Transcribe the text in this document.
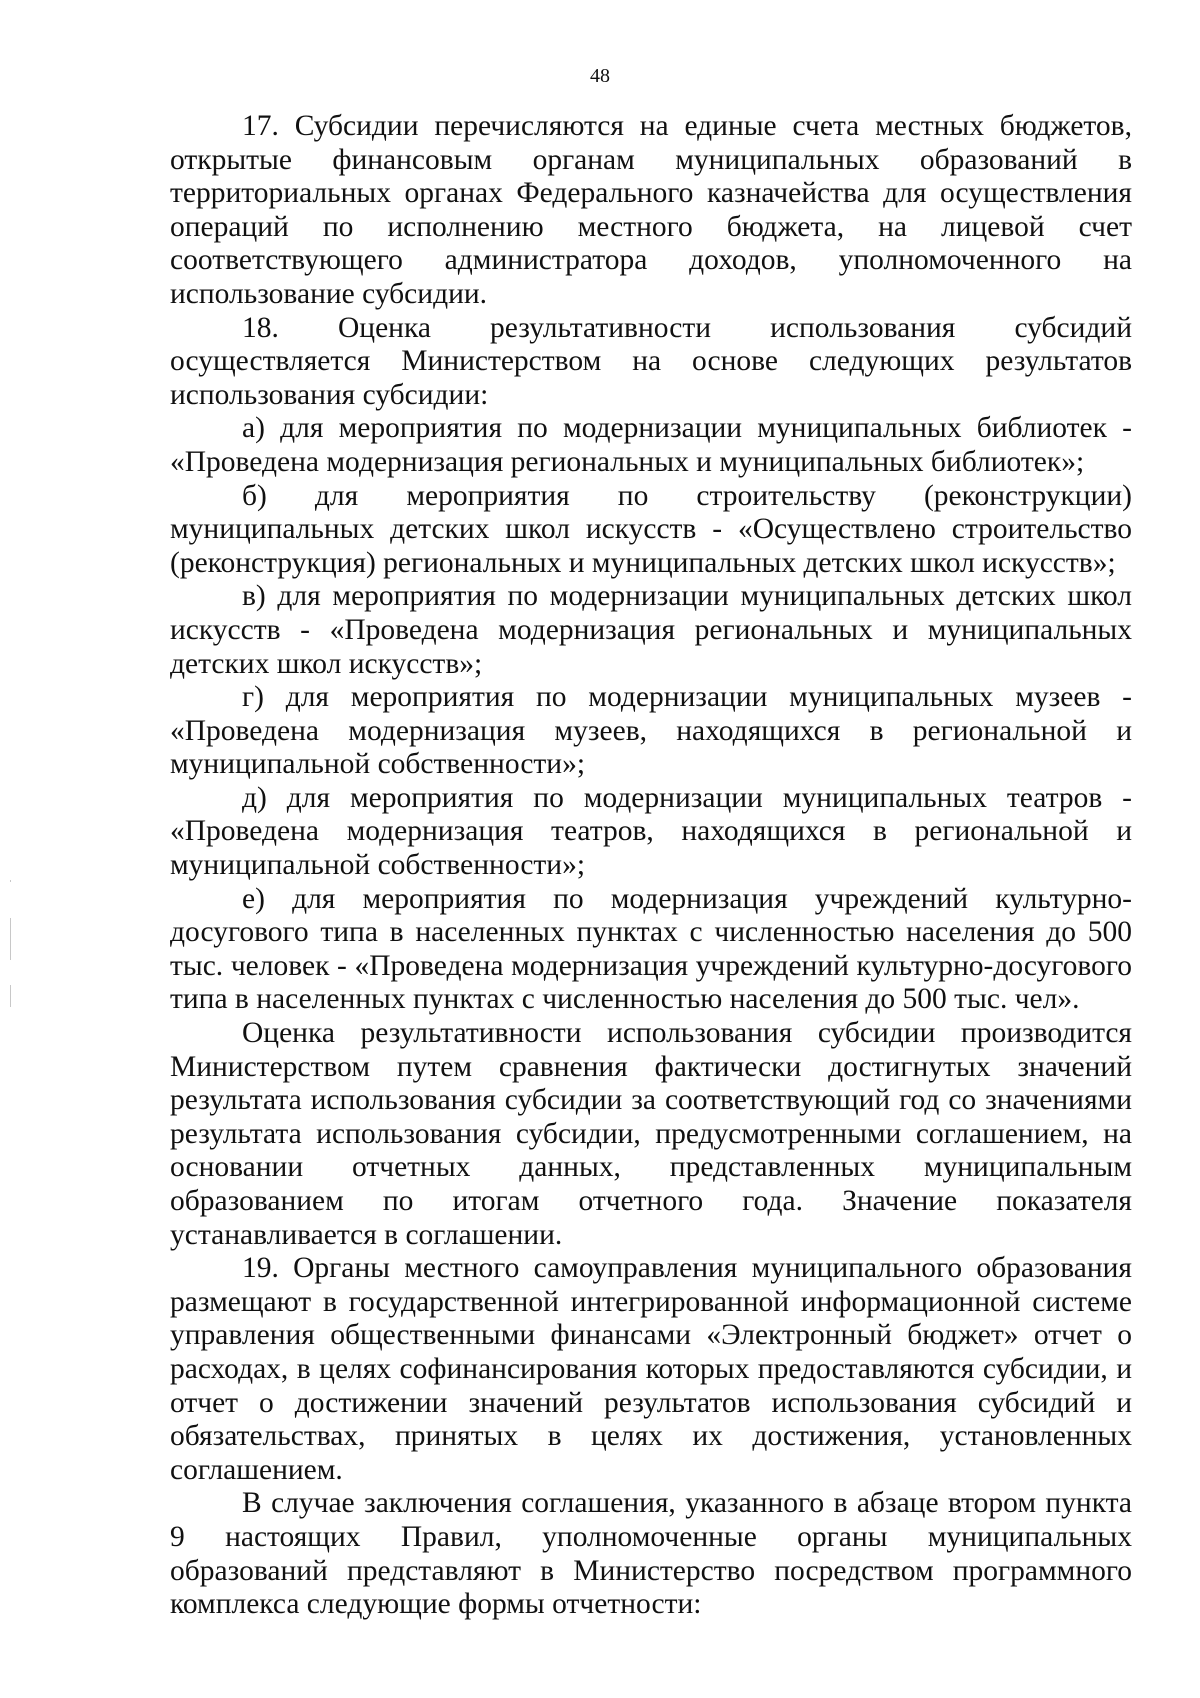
48

17. Субсидии перечисляются на единые счета местных бюджетов, открытые финансовым органам муниципальных образований в территориальных органах Федерального казначейства для осуществления операций по исполнению местного бюджета, на лицевой счет соответствующего администратора доходов, уполномоченного на использование субсидии.

18. Оценка результативности использования субсидий осуществляется Министерством на основе следующих результатов использования субсидии:

а) для мероприятия по модернизации муниципальных библиотек - «Проведена модернизация региональных и муниципальных библиотек»;

б) для мероприятия по строительству (реконструкции) муниципальных детских школ искусств - «Осуществлено строительство (реконструкция) региональных и муниципальных детских школ искусств»;

в) для мероприятия по модернизации муниципальных детских школ искусств - «Проведена модернизация региональных и муниципальных детских школ искусств»;

г) для мероприятия по модернизации муниципальных музеев - «Проведена модернизация музеев, находящихся в региональной и муниципальной собственности»;

д) для мероприятия по модернизации муниципальных театров - «Проведена модернизация театров, находящихся в региональной и муниципальной собственности»;

е) для мероприятия по модернизация учреждений культурно-досугового типа в населенных пунктах с численностью населения до 500 тыс. человек - «Проведена модернизация учреждений культурно-досугового типа в населенных пунктах с численностью населения до 500 тыс. чел».

Оценка результативности использования субсидии производится Министерством путем сравнения фактически достигнутых значений результата использования субсидии за соответствующий год со значениями результата использования субсидии, предусмотренными соглашением, на основании отчетных данных, представленных муниципальным образованием по итогам отчетного года. Значение показателя устанавливается в соглашении.

19. Органы местного самоуправления муниципального образования размещают в государственной интегрированной информационной системе управления общественными финансами «Электронный бюджет» отчет о расходах, в целях софинансирования которых предоставляются субсидии, и отчет о достижении значений результатов использования субсидий и обязательствах, принятых в целях их достижения, установленных соглашением.

В случае заключения соглашения, указанного в абзаце втором пункта 9 настоящих Правил, уполномоченные органы муниципальных образований представляют в Министерство посредством программного комплекса следующие формы отчетности:
